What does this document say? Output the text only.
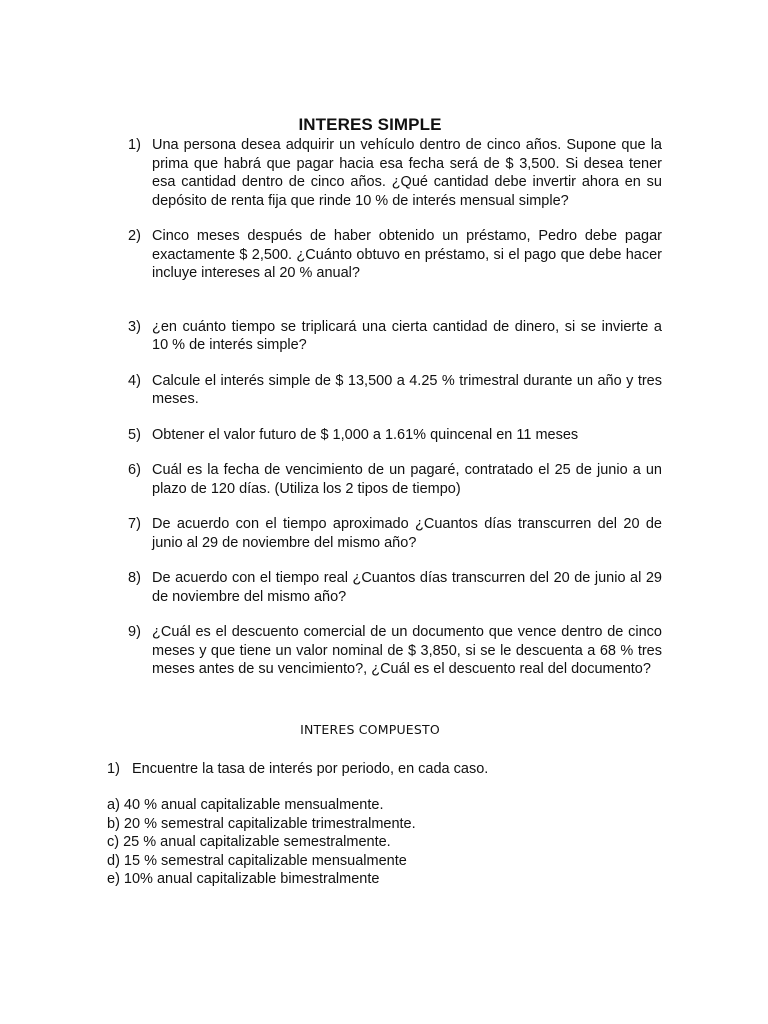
INTERES SIMPLE
1) Una persona desea adquirir un vehículo dentro de cinco años. Supone que la prima que habrá que pagar hacia esa fecha será de $ 3,500. Si desea tener esa cantidad dentro de cinco años. ¿Qué cantidad debe invertir ahora en su depósito de renta fija que rinde 10 % de interés mensual simple?
2) Cinco meses después de haber obtenido un préstamo, Pedro debe pagar exactamente $ 2,500. ¿Cuánto obtuvo en préstamo, si el pago que debe hacer incluye intereses al 20 % anual?
3) ¿en cuánto tiempo se triplicará una cierta cantidad de dinero, si se invierte a 10 % de interés simple?
4) Calcule el interés simple de $ 13,500 a 4.25 % trimestral durante un año y tres meses.
5) Obtener el valor futuro de $ 1,000 a 1.61% quincenal en 11 meses
6) Cuál es la fecha de vencimiento de un pagaré, contratado el 25 de junio a un plazo de 120 días. (Utiliza los 2 tipos de tiempo)
7) De acuerdo con el tiempo aproximado ¿Cuantos días transcurren del 20 de junio al 29 de noviembre del mismo año?
8) De acuerdo con el tiempo real ¿Cuantos días transcurren del 20 de junio al 29 de noviembre del mismo año?
9) ¿Cuál es el descuento comercial de un documento que vence dentro de cinco meses y que tiene un valor nominal de $ 3,850, si se le descuenta a 68 % tres meses antes de su vencimiento?, ¿Cuál es el descuento real del documento?
INTERES COMPUESTO
1) Encuentre la tasa de interés por periodo, en cada caso.
a) 40 % anual capitalizable mensualmente.
b) 20 % semestral capitalizable trimestralmente.
c) 25 % anual capitalizable semestralmente.
d) 15 % semestral capitalizable mensualmente
e) 10% anual capitalizable bimestralmente
